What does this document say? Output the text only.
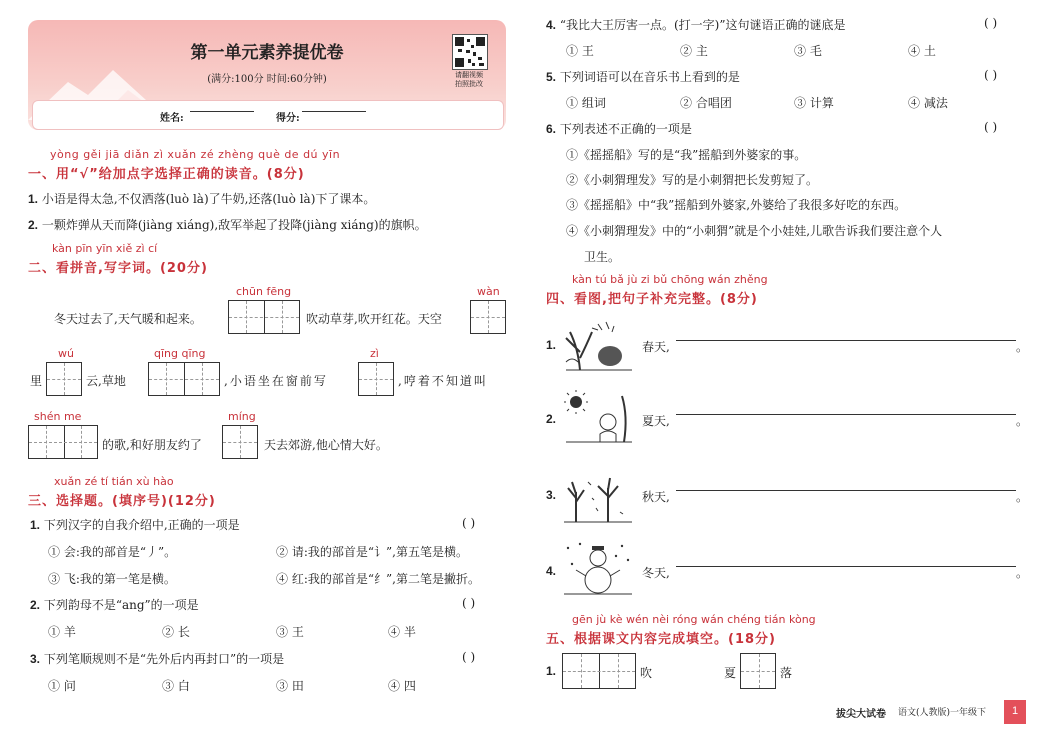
第一单元素养提优卷
(满分:100分 时间:60分钟)	请翻视频
拍照批改
姓名:	得分:
yòng gěi jiā diǎn zì xuǎn zé zhèng què de dú yīn
一、用“√”给加点字选择正确的读音。(8分)
1. 小语是得太急,不仅洒落(luò là)了牛奶,还落(luò là)下了课本。
2. 一颗炸弹从天而降(jiàng xiáng),敌军举起了投降(jiàng xiáng)的旗帜。
kàn pīn yīn xiě zì cí
二、看拼音,写字词。(20分)
chūn fēng	wàn
冬天过去了,天气暖和起来。	吹动草芽,吹开红花。天空
wú	qīng qīng	zì
里	云,草地	,小语坐在窗前写	,哼着不知道叫
shén me	míng
的歌,和好朋友约了	天去郊游,他心情大好。
xuǎn zé tí tián xù hào
三、选择题。(填序号)(12分)
1. 下列汉字的自我介绍中,正确的一项是	( )
① 会:我的部首是“丿”。	② 请:我的部首是“讠”,第五笔是横。
③ 飞:我的第一笔是横。	④ 红:我的部首是“纟”,第二笔是撇折。
2. 下列韵母不是“ang”的一项是	( )
① 羊	② 长	③ 王	④ 半
3. 下列笔顺规则不是“先外后内再封口”的一项是	( )
① 问	③ 白	③ 田	④ 四
4. “我比大王厉害一点。(打一字)”这句谜语正确的谜底是	( )
① 王	② 主	③ 毛	④ 土
5. 下列词语可以在音乐书上看到的是	( )
① 组词	② 合唱团	③ 计算	④ 减法
6. 下列表述不正确的一项是	( )
①《摇摇船》写的是“我”摇船到外婆家的事。
②《小刺猬理发》写的是小刺猬把长发剪短了。
③《摇摇船》中“我”摇船到外婆家,外婆给了我很多好吃的东西。
④《小刺猬理发》中的“小刺猬”就是个小娃娃,儿歌告诉我们要注意个人
卫生。
kàn tú bǎ jù zi bǔ chōng wán zhěng
四、看图,把句子补充完整。(8分)
1.	春天,	。
2.	夏天,	。
3.	秋天,	。
4.	冬天,	。
gēn jù kè wén nèi róng wán chéng tián kòng
五、根据课文内容完成填空。(18分)
1.	吹	夏	落
拔尖大试卷 语文(人教版)一年级下	1
